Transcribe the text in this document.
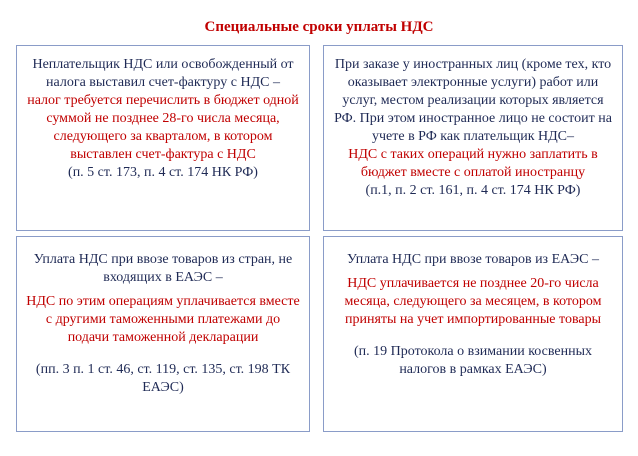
Специальные сроки уплаты НДС

Неплательщик НДС или освобожденный от налога выставил счет-фактуру с НДС –

налог требуется перечислить в бюджет одной суммой не позднее 28-го числа месяца, следующего за кварталом, в котором выставлен счет-фактура с НДС

(п. 5 ст. 173, п. 4 ст. 174 НК РФ)

При заказе у иностранных лиц (кроме тех, кто оказывает электронные услуги) работ или услуг, местом реализации которых является РФ. При этом иностранное лицо не состоит на учете в РФ как плательщик НДС–

НДС с таких операций нужно заплатить в бюджет вместе с оплатой иностранцу

(п.1, п. 2 ст. 161, п. 4 ст. 174 НК РФ)

Уплата НДС при ввозе товаров из стран, не входящих в ЕАЭС –

НДС по этим операциям уплачивается вместе с другими таможенными платежами до подачи таможенной декларации

(пп. 3 п. 1 ст. 46, ст. 119, ст. 135, ст. 198 ТК ЕАЭС)

Уплата НДС при ввозе товаров из ЕАЭС –

НДС уплачивается не позднее 20-го числа месяца, следующего за месяцем, в котором приняты на учет импортированные товары

(п. 19 Протокола о взимании косвенных налогов в рамках ЕАЭС)
